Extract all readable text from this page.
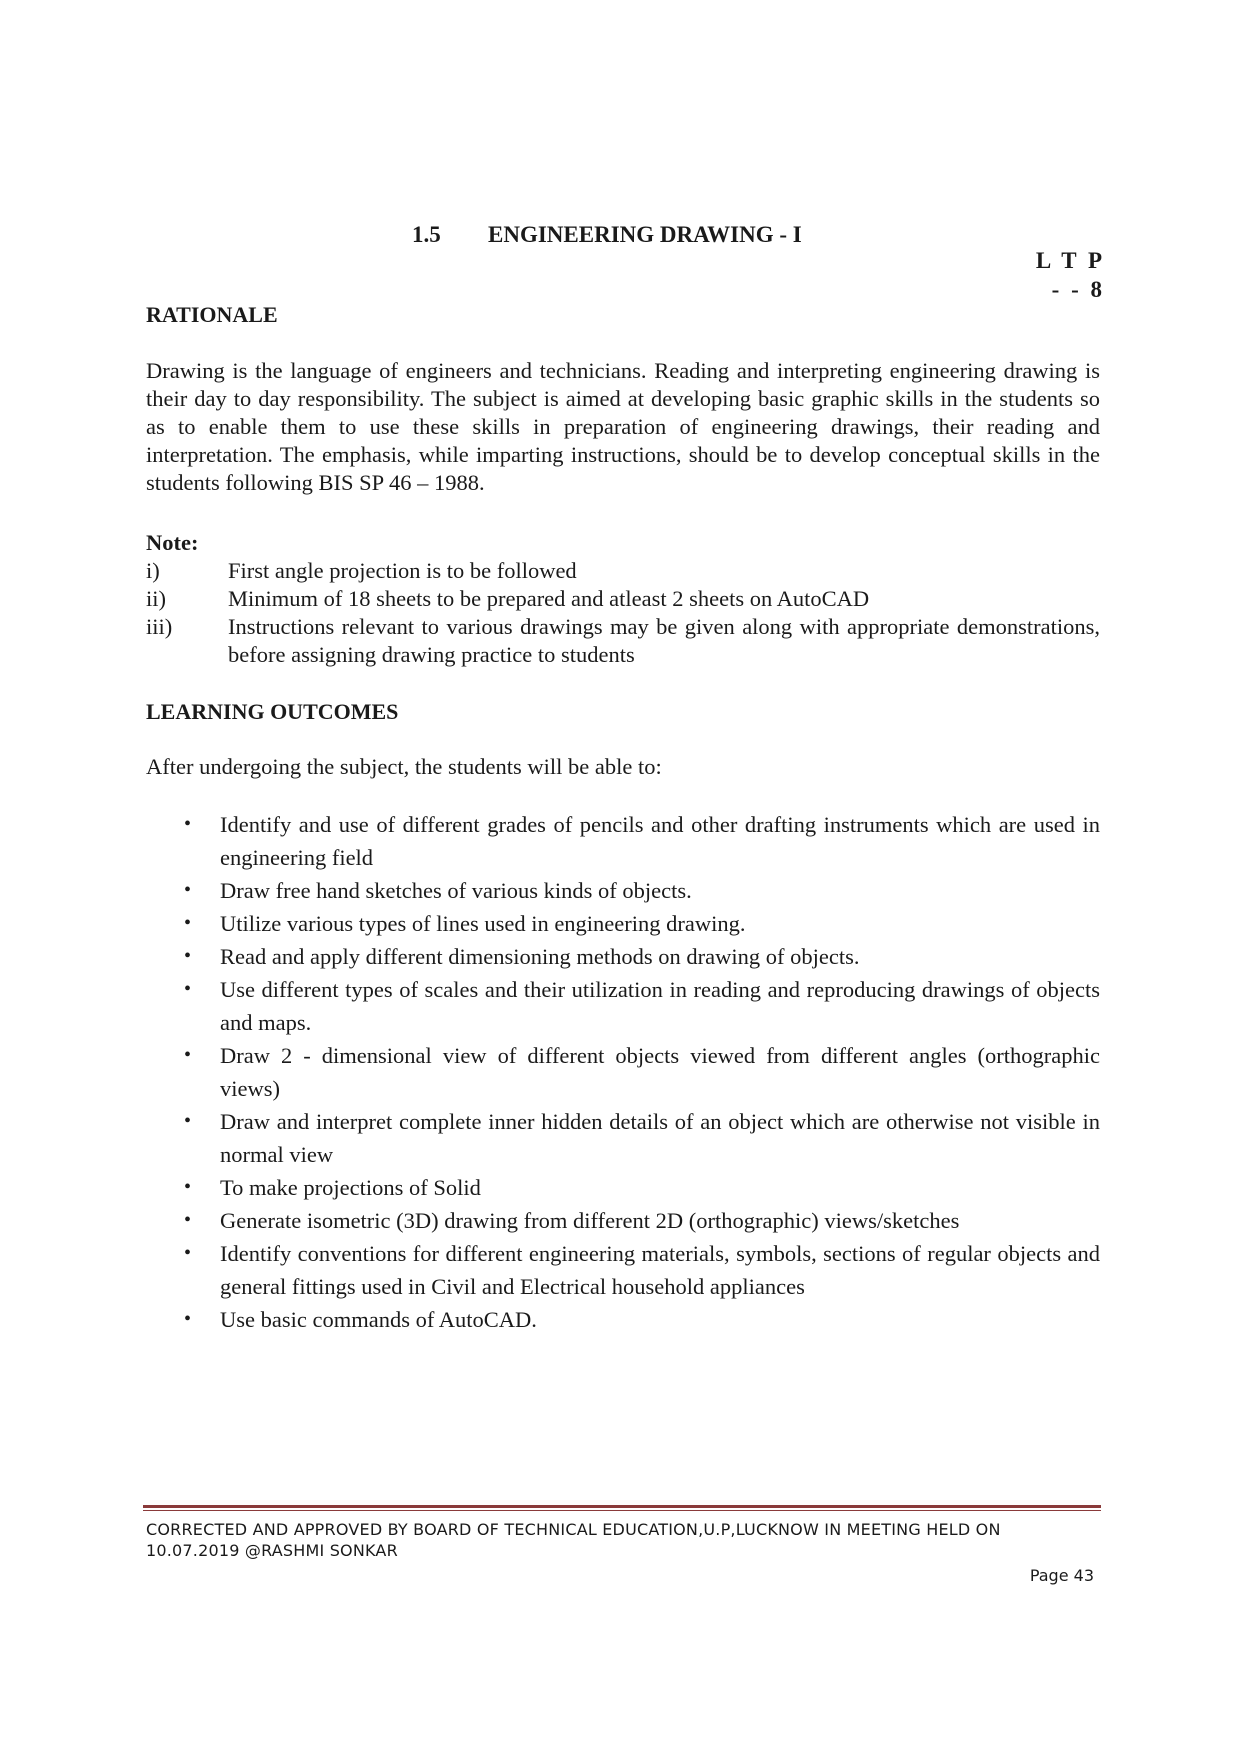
1.5 ENGINEERING DRAWING - I
L T P
- - 8
RATIONALE

Drawing is the language of engineers and technicians. Reading and interpreting engineering drawing is their day to day responsibility. The subject is aimed at developing basic graphic skills in the students so as to enable them to use these skills in preparation of engineering drawings, their reading and interpretation. The emphasis, while imparting instructions, should be to develop conceptual skills in the students following BIS SP 46 – 1988.

Note:
i)	First angle projection is to be followed
ii)	Minimum of 18 sheets to be prepared and atleast 2 sheets on AutoCAD
iii) Instructions relevant to various drawings may be given along with appropriate demonstrations, before assigning drawing practice to students
LEARNING OUTCOMES
After undergoing the subject, the students will be able to:
• Identify and use of different grades of pencils and other drafting instruments which are used in engineering field
• Draw free hand sketches of various kinds of objects.
• Utilize various types of lines used in engineering drawing.
• Read and apply different dimensioning methods on drawing of objects.
• Use different types of scales and their utilization in reading and reproducing drawings of objects and maps.
• Draw 2 - dimensional view of different objects viewed from different angles (orthographic views)
• Draw and interpret complete inner hidden details of an object which are otherwise not visible in normal view
• To make projections of Solid
• Generate isometric (3D) drawing from different 2D (orthographic) views/sketches
• Identify conventions for different engineering materials, symbols, sections of regular objects and general fittings used in Civil and Electrical household appliances
• Use basic commands of AutoCAD.
CORRECTED AND APPROVED BY BOARD OF TECHNICAL EDUCATION,U.P,LUCKNOW IN MEETING HELD ON
10.07.2019 @RASHMI SONKAR
Page 43
